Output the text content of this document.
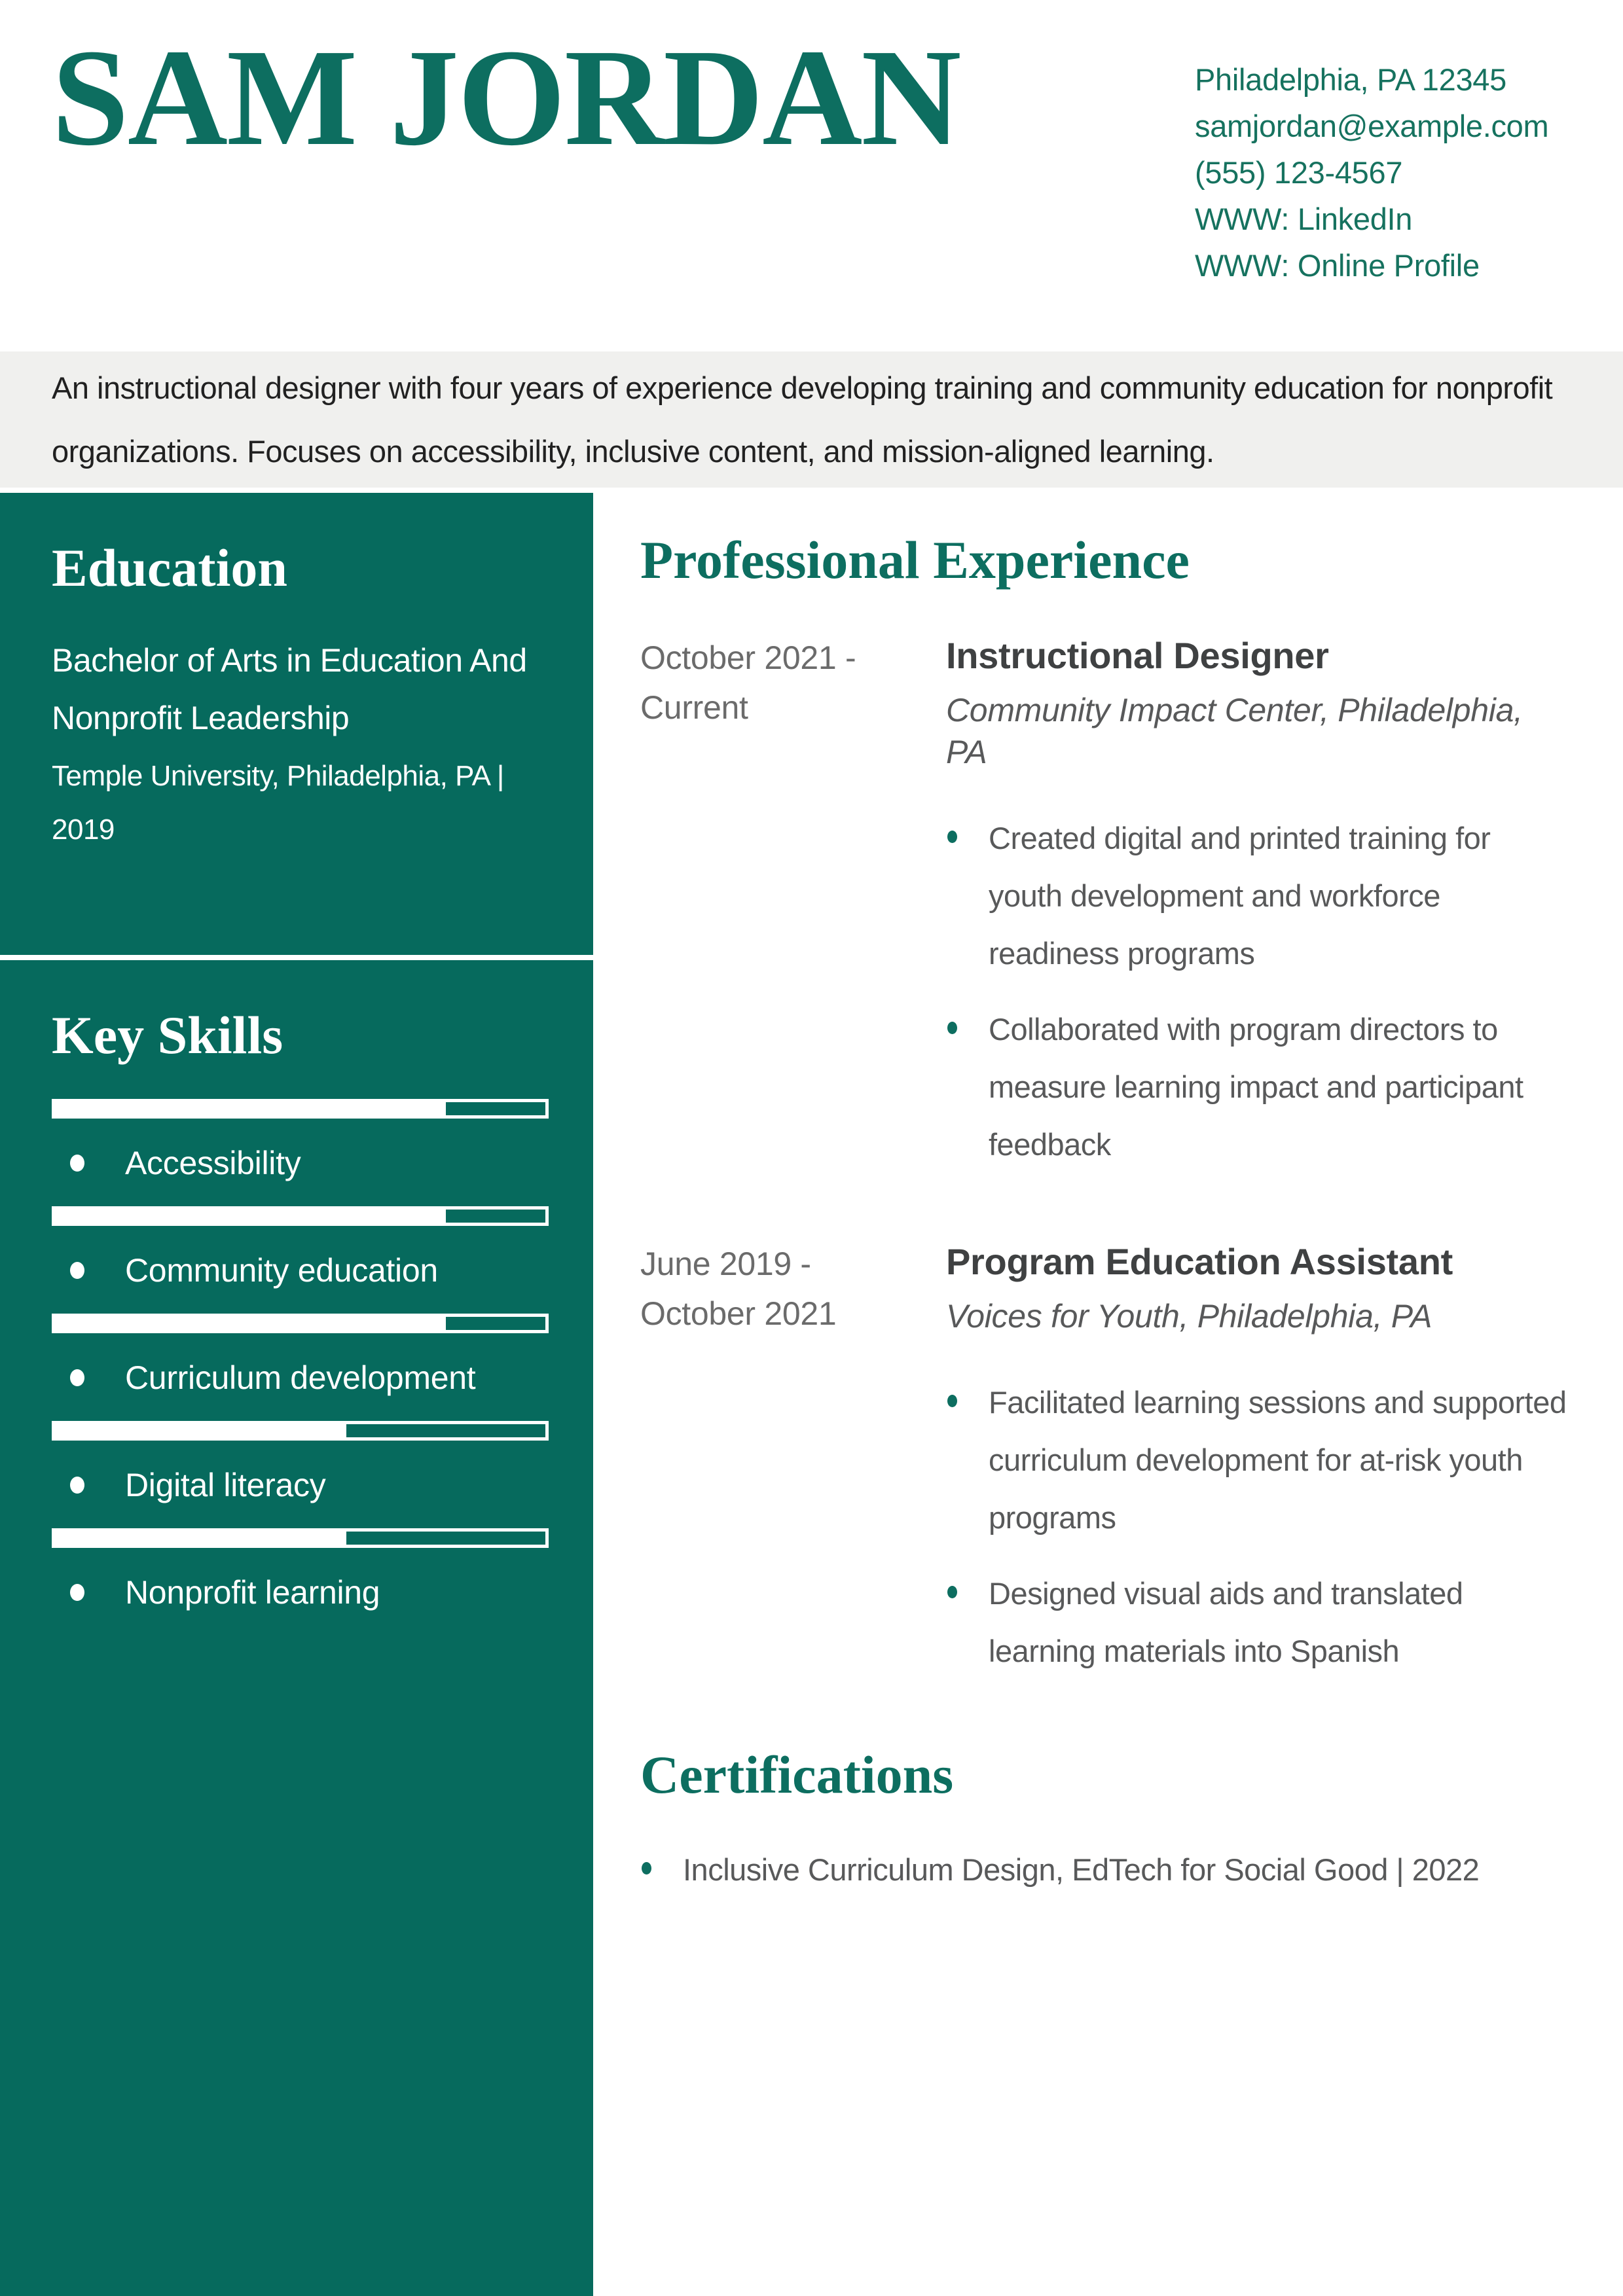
SAM JORDAN	Philadelphia, PA 12345
samjordan@example.com
(555) 123-4567
WWW: LinkedIn
WWW: Online Profile

An instructional designer with four years of experience developing training and community education for nonprofit organizations. Focuses on accessibility, inclusive content, and mission-aligned learning.

Education

Bachelor of Arts in Education And Nonprofit Leadership

Temple University, Philadelphia, PA | 2019

Key Skills
Accessibility
Community education
Curriculum development
Digital literacy
Nonprofit learning
Professional Experience
October 2021 - Current
Instructional Designer

Community Impact Center, Philadelphia, PA

Created digital and printed training for youth development and workforce readiness programs
Collaborated with program directors to measure learning impact and participant feedback
June 2019 - October 2021
Program Education Assistant

Voices for Youth, Philadelphia, PA

Facilitated learning sessions and supported curriculum development for at-risk youth programs
Designed visual aids and translated learning materials into Spanish
Certifications
Inclusive Curriculum Design, EdTech for Social Good | 2022
